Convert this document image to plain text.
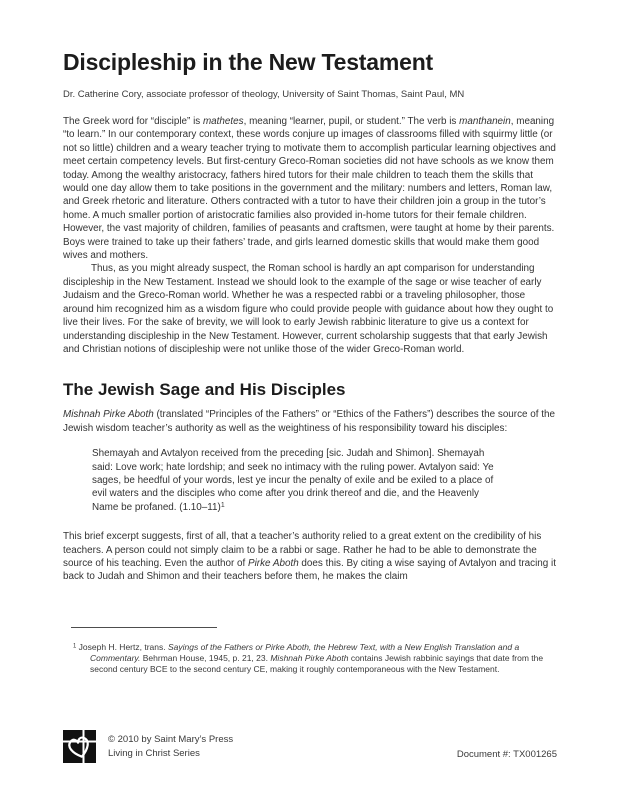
Discipleship in the New Testament

Dr. Catherine Cory, associate professor of theology, University of Saint Thomas, Saint Paul, MN

The Greek word for “disciple” is mathetes, meaning “learner, pupil, or student.” The verb is manthanein, meaning “to learn.” In our contemporary context, these words conjure up images of classrooms filled with squirmy little (or not so little) children and a weary teacher trying to motivate them to accomplish particular learning objectives and meet certain competency levels. But first-century Greco-Roman societies did not have schools as we know them today. Among the wealthy aristocracy, fathers hired tutors for their male children to teach them the skills that would one day allow them to take positions in the government and the military: numbers and letters, Roman law, and Greek rhetoric and literature. Others contracted with a tutor to have their children join a group in the tutor’s home. A much smaller portion of aristocratic families also provided in-home tutors for their female children. However, the vast majority of children, families of peasants and craftsmen, were taught at home by their parents. Boys were trained to take up their fathers’ trade, and girls learned domestic skills that would make them good wives and mothers.

Thus, as you might already suspect, the Roman school is hardly an apt comparison for understanding discipleship in the New Testament. Instead we should look to the example of the sage or wise teacher of early Judaism and the Greco-Roman world. Whether he was a respected rabbi or a traveling philosopher, those around him recognized him as a wisdom figure who could provide people with guidance about how they ought to live their lives. For the sake of brevity, we will look to early Jewish rabbinic literature to give us a context for understanding discipleship in the New Testament. However, current scholarship suggests that that early Jewish and Christian notions of discipleship were not unlike those of the wider Greco-Roman world.

The Jewish Sage and His Disciples

Mishnah Pirke Aboth (translated “Principles of the Fathers” or “Ethics of the Fathers”) describes the source of the Jewish wisdom teacher’s authority as well as the weightiness of his responsibility toward his disciples:

Shemayah and Avtalyon received from the preceding [sic. Judah and Shimon]. Shemayah said: Love work; hate lordship; and seek no intimacy with the ruling power. Avtalyon said: Ye sages, be heedful of your words, lest ye incur the penalty of exile and be exiled to a place of evil waters and the disciples who come after you drink thereof and die, and the Heavenly Name be profaned. $(1.10-11)^1$

This brief excerpt suggests, first of all, that a teacher’s authority relied to a great extent on the credibility of his teachers. A person could not simply claim to be a rabbi or sage. Rather he had to be able to demonstrate the source of his teaching. Even the author of Pirke Aboth does this. By citing a wise saying of Avtalyon and tracing it back to Judah and Shimon and their teachers before them, he makes the claim

$^1$ Joseph H. Hertz, trans. Sayings of the Fathers or Pirke Aboth, the Hebrew Text, with a New English Translation and a Commentary. Behrman House, 1945, p. 21, 23. Mishnah Pirke Aboth contains Jewish rabbinic sayings that date from the second century BCE to the second century CE, making it roughly contemporaneous with the New Testament.

© 2010 by Saint Mary’s Press
Living in Christ Series	Document #: TX001265
